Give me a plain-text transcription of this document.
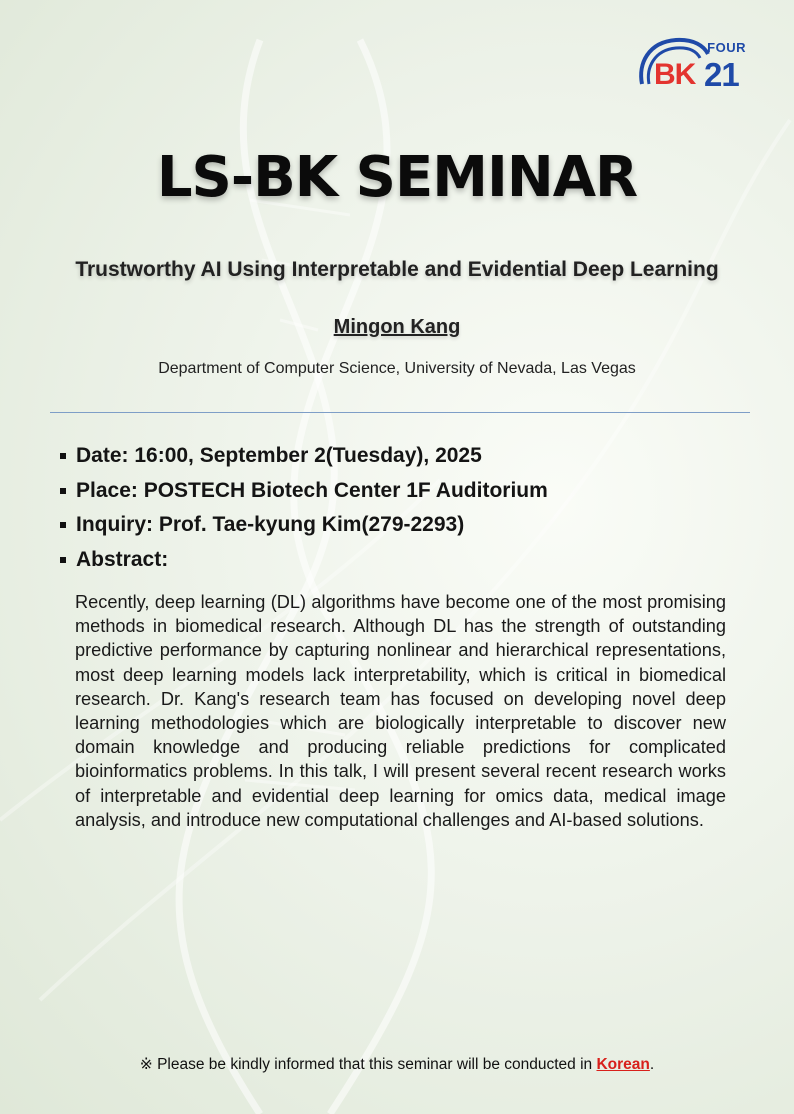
FOUR
BK 21
LS-BK SEMINAR
Trustworthy AI Using Interpretable and Evidential Deep Learning
Mingon Kang
Department of Computer Science, University of Nevada, Las Vegas
Date: 16:00, September 2(Tuesday), 2025
Place: POSTECH Biotech Center 1F Auditorium
Inquiry: Prof. Tae-kyung Kim(279-2293)
Abstract:

Recently, deep learning (DL) algorithms have become one of the most promising methods in biomedical research. Although DL has the strength of outstanding predictive performance by capturing nonlinear and hierarchical representations, most deep learning models lack interpretability, which is critical in biomedical research. Dr. Kang's research team has focused on developing novel deep learning methodologies which are biologically interpretable to discover new domain knowledge and producing reliable predictions for complicated bioinformatics problems. In this talk, I will present several recent research works of interpretable and evidential deep learning for omics data, medical image analysis, and introduce new computational challenges and AI-based solutions.

※ Please be kindly informed that this seminar will be conducted in Korean.
